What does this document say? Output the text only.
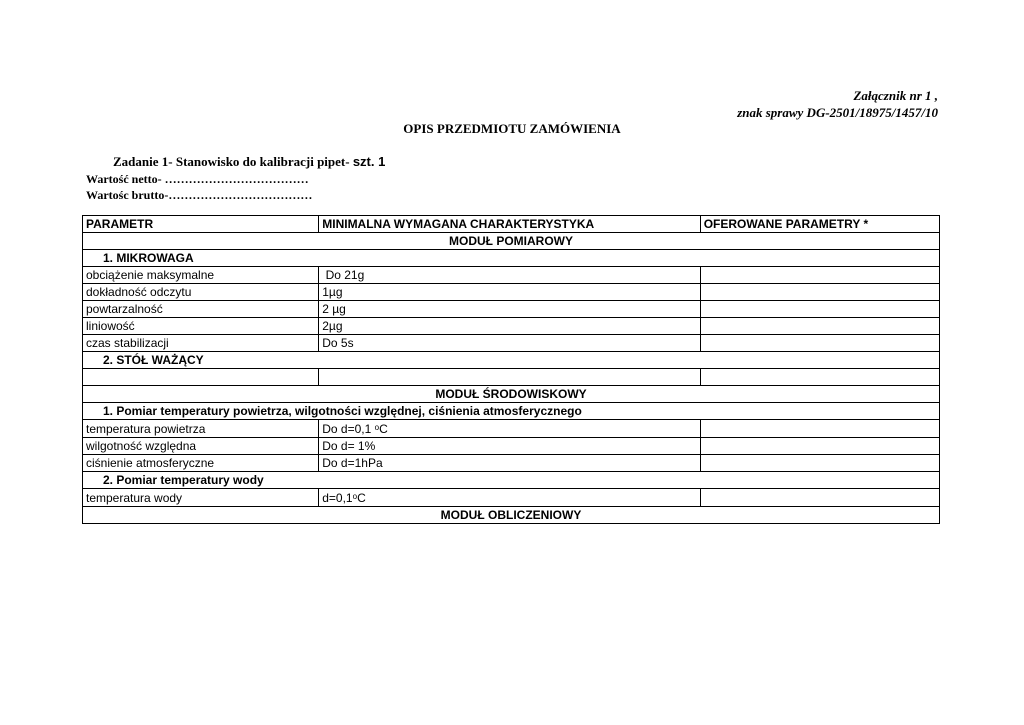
Załącznik nr 1 ,
znak sprawy DG-2501/18975/1457/10
OPIS PRZEDMIOTU ZAMÓWIENIA
Zadanie 1- Stanowisko do kalibracji pipet- szt. 1
Wartość netto- ………………………………
Wartośc brutto-………………………………
PARAMETR	MINIMALNA WYMAGANA CHARAKTERYSTYKA	OFEROWANE PARAMETRY *
MODUŁ POMIAROWY		
1. MIKROWAGA		
obciążenie maksymalne	Do 21g	
dokładność odczytu	1µg	
powtarzalność	2 µg	
liniowość	2µg	
czas stabilizacji	Do 5s	
2. STÓŁ WAŻĄCY		

MODUŁ ŚRODOWISKOWY		
1. Pomiar temperatury powietrza, wilgotności względnej, ciśnienia atmosferycznego		
temperatura powietrza	Do d=0,1 $^o$C	
wilgotność względna	Do d= 1%	
ciśnienie atmosferyczne	Do d=1hPa	
2. Pomiar temperatury wody		
temperatura wody	$d=0,1^oC$	
MODUŁ OBLICZENIOWY		
